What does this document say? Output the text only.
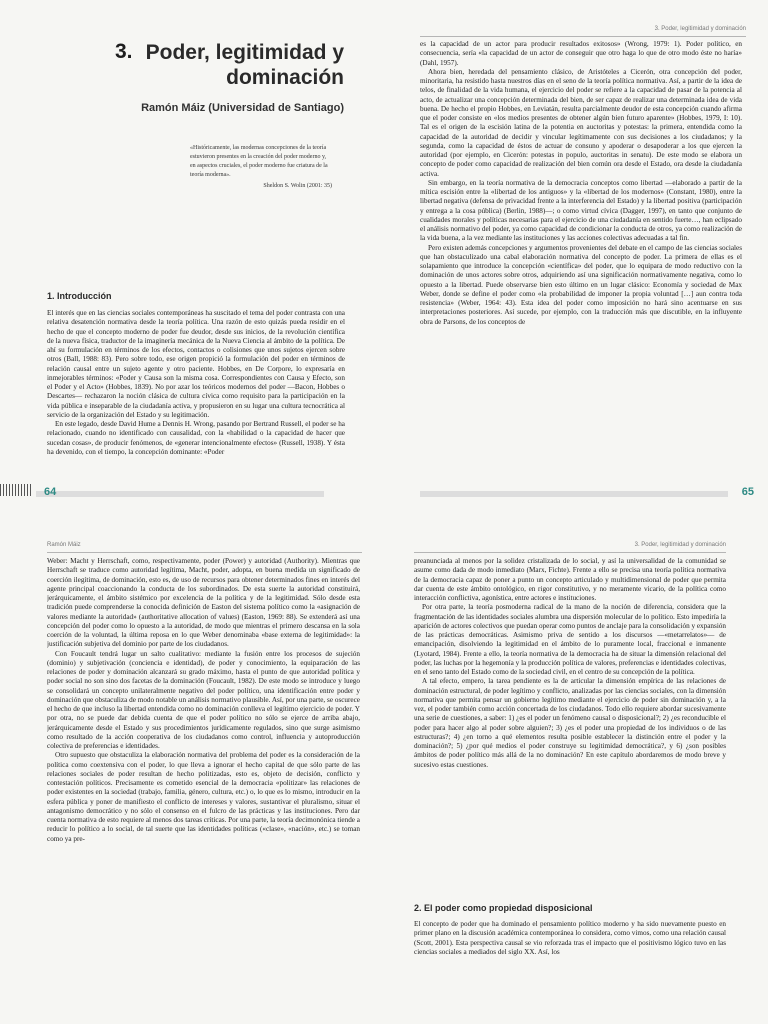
3. Poder, legitimidad y
dominación
Ramón Máiz (Universidad de Santiago)
«Históricamente, las modernas concepciones de la teoría estuvieron presentes en la creación del poder moderno y, en aspectos cruciales, el poder moderno fue criatura de la teoría moderna».
Sheldon S. Wolin (2001: 35)
1. Introducción

El interés que en las ciencias sociales contemporáneas ha suscitado el tema del poder contrasta con una relativa desatención normativa desde la teoría política. Una razón de esto quizás pueda residir en el hecho de que el concepto moderno de poder fue deudor, desde sus inicios, de la revolución científica de la nueva física, traductor de la imaginería mecánica de la Nueva Ciencia al ámbito de la política. De ahí su formulación en términos de los efectos, contactos o colisiones que unos sujetos ejercen sobre otros (Ball, 1988: 83). Pero sobre todo, ese origen propició la formulación del poder en términos de relación causal entre un sujeto agente y otro paciente. Hobbes, en De Corpore, lo expresaría en inmejorables términos: «Poder y Causa son la misma cosa. Correspondientes con Causa y Efecto, son el Poder y el Acto» (Hobbes, 1839). No por azar los teóricos modernos del poder —Bacon, Hobbes o Descartes— rechazaron la noción clásica de cultura cívica como requisito para la participación en la vida pública e inseparable de la ciudadanía activa, y propusieron en su lugar una cultura tecnocrática al servicio de la organización del Estado y su legitimación.

En este legado, desde David Hume a Dennis H. Wrong, pasando por Bertrand Russell, el poder se ha relacionado, cuando no identificado con causalidad, con la «habilidad o la capacidad de hacer que sucedan cosas», de producir fenómenos, de «generar intencionalmente efectos» (Russell, 1938). Y ésta ha devenido, con el tiempo, la concepción dominante: «Poder

64
3. Poder, legitimidad y dominación

es la capacidad de un actor para producir resultados exitosos» (Wrong, 1979: 1). Poder político, en consecuencia, sería «la capacidad de un actor de conseguir que otro haga lo que de otro modo éste no haría» (Dahl, 1957).

Ahora bien, heredada del pensamiento clásico, de Aristóteles a Cicerón, otra concepción del poder, minoritaria, ha resistido hasta nuestros días en el seno de la teoría política normativa. Así, a partir de la idea de telos, de finalidad de la vida humana, el ejercicio del poder se refiere a la capacidad de pasar de la potencia al acto, de actualizar una concepción determinada del bien, de ser capaz de realizar una determinada idea de vida buena. De hecho el propio Hobbes, en Leviatán, resulta parcialmente deudor de esta concepción cuando afirma que el poder consiste en «los medios presentes de obtener algún bien futuro aparente» (Hobbes, 1979, I: 10). Tal es el origen de la escisión latina de la potentia en auctoritas y potestas: la primera, entendida como la capacidad de la autoridad de decidir y vincular legítimamente con sus decisiones a los ciudadanos; y la segunda, como la capacidad de éstos de actuar de consuno y apoderar o desapoderar a los que ejercen la autoridad (por ejemplo, en Cicerón: potestas in populo, auctoritas in senatu). De este modo se elabora un concepto de poder como capacidad de realización del bien común ora desde el Estado, ora desde la ciudadanía activa.

Sin embargo, en la teoría normativa de la democracia conceptos como libertad —elaborado a partir de la mítica escisión entre la «libertad de los antiguos» y la «libertad de los modernos» (Constant, 1980), entre la libertad negativa (defensa de privacidad frente a la interferencia del Estado) y la libertad positiva (participación y entrega a la cosa pública) (Berlin, 1988)—; o como virtud cívica (Dagger, 1997), en tanto que conjunto de cualidades morales y políticas necesarias para el ejercicio de una ciudadanía en sentido fuerte…, han eclipsado el análisis normativo del poder, ya como capacidad de condicionar la conducta de otros, ya como realización de la vida buena, a la vez mediante las instituciones y las acciones colectivas adecuadas a tal fin.

Pero existen además concepciones y argumentos provenientes del debate en el campo de las ciencias sociales que han obstaculizado una cabal elaboración normativa del concepto de poder. La primera de ellas es el solapamiento que introduce la concepción «científica» del poder, que lo equipara de modo reductivo con la dominación de unos actores sobre otros, adquiriendo así una significación normativamente negativa, como lo opuesto a la libertad. Puede observarse bien esto último en un lugar clásico: Economía y sociedad de Max Weber, donde se define el poder como «la probabilidad de imponer la propia voluntad […] aun contra toda resistencia» (Weber, 1964: 43). Esta idea del poder como imposición no hará sino acentuarse en sus interpretaciones posteriores. Así sucede, por ejemplo, con la traducción más que discutible, en la influyente obra de Parsons, de los conceptos de

65
Ramón Máiz

Weber: Macht y Herrschaft, como, respectivamente, poder (Power) y autoridad (Authority). Mientras que Herrschaft se traduce como autoridad legítima, Macht, poder, adopta, en buena medida un significado de coerción ilegítima, de dominación, esto es, de uso de recursos para obtener determinados fines en interés del agente principal coaccionando la conducta de los subordinados. De esta suerte la autoridad constituirá, jerárquicamente, el ámbito sistémico por excelencia de la política y de la legitimidad. Sólo desde esta tradición puede comprenderse la conocida definición de Easton del sistema político como la «asignación de valores mediante la autoridad» (authoritative allocation of values) (Easton, 1969: 88). Se extenderá así una concepción del poder como lo opuesto a la autoridad, de modo que mientras el primero descansa en la sola coerción de la voluntad, la última reposa en lo que Weber denominaba «base externa de legitimidad»: la justificación subjetiva del dominio por parte de los ciudadanos.

Con Foucault tendrá lugar un salto cualitativo: mediante la fusión entre los procesos de sujeción (dominio) y subjetivación (conciencia e identidad), de poder y conocimiento, la equiparación de las relaciones de poder y dominación alcanzará su grado máximo, hasta el punto de que autoridad política y poder social no son sino dos facetas de la dominación (Foucault, 1982). De este modo se introduce y luego se consolidará un concepto unilateralmente negativo del poder político, una identificación entre poder y dominación que obstaculiza de modo notable un análisis normativo plausible. Así, por una parte, se oscurece el hecho de que incluso la libertad entendida como no dominación conlleva el legítimo ejercicio de poder. Y por otra, no se puede dar debida cuenta de que el poder político no sólo se ejerce de arriba abajo, jerárquicamente desde el Estado y sus procedimientos jurídicamente regulados, sino que surge asimismo como resultado de la acción cooperativa de los ciudadanos como control, influencia y autoproducción colectiva de preferencias e identidades.

Otro supuesto que obstaculiza la elaboración normativa del problema del poder es la consideración de la política como coextensiva con el poder, lo que lleva a ignorar el hecho capital de que sólo parte de las relaciones sociales de poder resultan de hecho politizadas, esto es, objeto de decisión, conflicto y contestación políticos. Precisamente es cometido esencial de la democracia «politizar» las relaciones de poder existentes en la sociedad (trabajo, familia, género, cultura, etc.) o, lo que es lo mismo, introducir en la esfera pública y poner de manifiesto el conflicto de intereses y valores, sustantivar el pluralismo, situar el antagonismo democrático y no sólo el consenso en el fulcro de las prácticas y las instituciones. Pero dar cuenta normativa de esto requiere al menos dos tareas críticas. Por una parte, la teoría decimonónica tiende a reducir lo político a lo social, de tal suerte que las identidades políticas («clase», «nación», etc.) se toman como ya pre-

3. Poder, legitimidad y dominación

preanunciada al menos por la solidez cristalizada de lo social, y así la universalidad de la comunidad se asume como dada de modo inmediato (Marx, Fichte). Frente a ello se precisa una teoría política normativa de la democracia capaz de poner a punto un concepto articulado y multidimensional de poder que permita dar cuenta de este ámbito ontológico, en rigor constitutivo, y no meramente vicario, de la política como interacción conflictiva, agonística, entre actores e instituciones.

Por otra parte, la teoría posmoderna radical de la mano de la noción de diferencia, considera que la fragmentación de las identidades sociales alumbra una dispersión molecular de lo político. Esto impediría la aparición de actores colectivos que puedan operar como puntos de anclaje para la consolidación y expansión de las prácticas democráticas. Asimismo priva de sentido a los discursos —«metarrelatos»— de emancipación, disolviendo la legitimidad en el ámbito de lo puramente local, fraccional e inmanente (Lyotard, 1984). Frente a ello, la teoría normativa de la democracia ha de situar la dimensión relacional del poder, las luchas por la hegemonía y la producción política de valores, preferencias e identidades colectivas, en el seno tanto del Estado como de la sociedad civil, en el centro de su concepción de la política.

A tal efecto, empero, la tarea pendiente es la de articular la dimensión empírica de las relaciones de dominación estructural, de poder legítimo y conflicto, analizadas por las ciencias sociales, con la dimensión normativa que permita pensar un gobierno legítimo mediante el ejercicio de poder sin dominación y, a la vez, el poder también como acción concertada de los ciudadanos. Todo ello requiere abordar sucesivamente una serie de cuestiones, a saber: 1) ¿es el poder un fenómeno causal o disposicional?; 2) ¿es reconducible el poder para hacer algo al poder sobre alguien?; 3) ¿es el poder una propiedad de los individuos o de las estructuras?; 4) ¿en torno a qué elementos resulta posible establecer la distinción entre el poder y la dominación?; 5) ¿por qué medios el poder construye su legitimidad democrática?, y 6) ¿son posibles ámbitos de poder político más allá de la no dominación? En este capítulo abordaremos de modo breve y sucesivo estas cuestiones.

2. El poder como propiedad disposicional

El concepto de poder que ha dominado el pensamiento político moderno y ha sido nuevamente puesto en primer plano en la discusión académica contemporánea lo considera, como vimos, como una relación causal (Scott, 2001). Esta perspectiva causal se vio reforzada tras el impacto que el positivismo lógico tuvo en las ciencias sociales a mediados del siglo XX. Así, los
